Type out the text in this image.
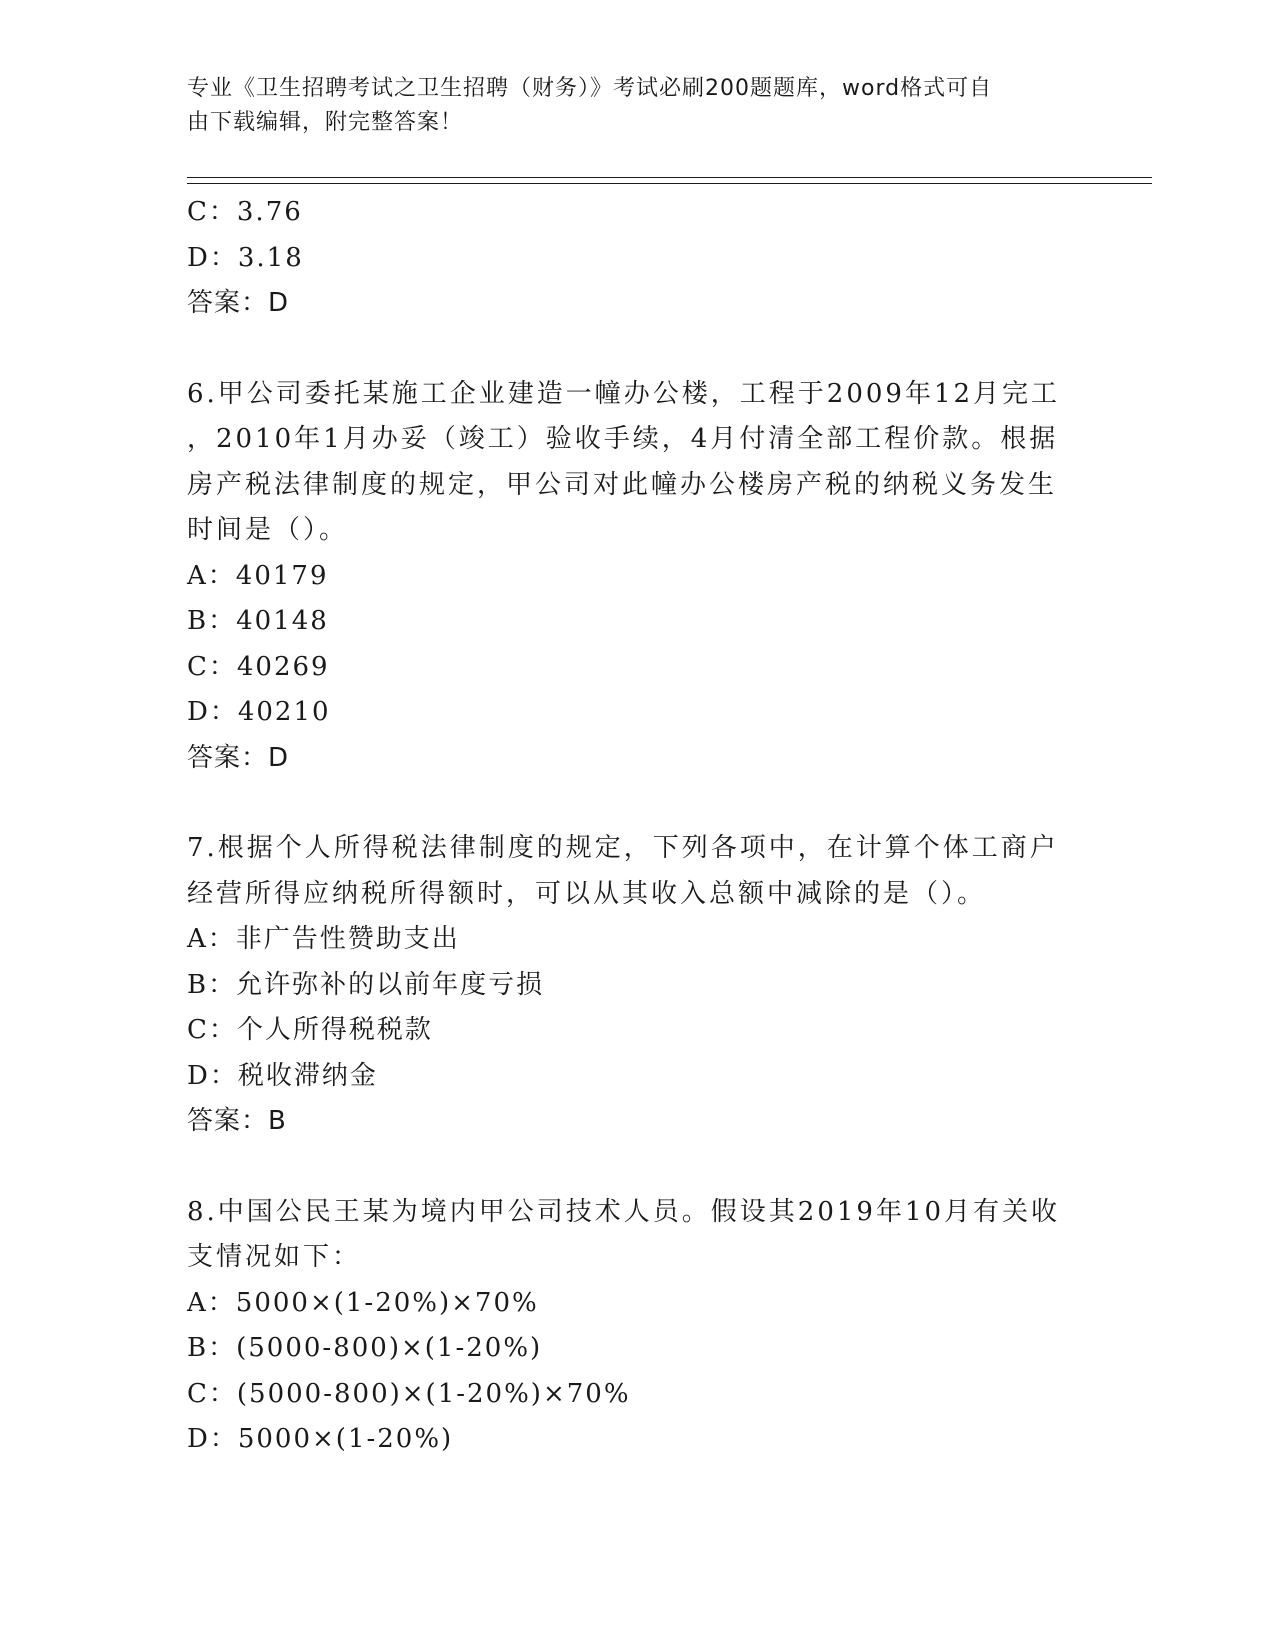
专业《卫生招聘考试之卫生招聘（财务）》考试必刷200题题库，word格式可自
由下载编辑，附完整答案！
C：3.76
D：3.18
答案：D

6.甲公司委托某施工企业建造一幢办公楼，工程于2009年12月完工

，2010年1月办妥（竣工）验收手续，4月付清全部工程价款。根据

房产税法律制度的规定，甲公司对此幢办公楼房产税的纳税义务发生

时间是（）。

A：40179
B：40148
C：40269
D：40210
答案：D

7.根据个人所得税法律制度的规定，下列各项中，在计算个体工商户

经营所得应纳税所得额时，可以从其收入总额中减除的是（）。

A：非广告性赞助支出
B：允许弥补的以前年度亏损
C：个人所得税税款
D：税收滞纳金
答案：B

8.中国公民王某为境内甲公司技术人员。假设其2019年10月有关收

支情况如下：

A：5000×(1-20%)×70%
B：(5000-800)×(1-20%)
C：(5000-800)×(1-20%)×70%
D：5000×(1-20%)
